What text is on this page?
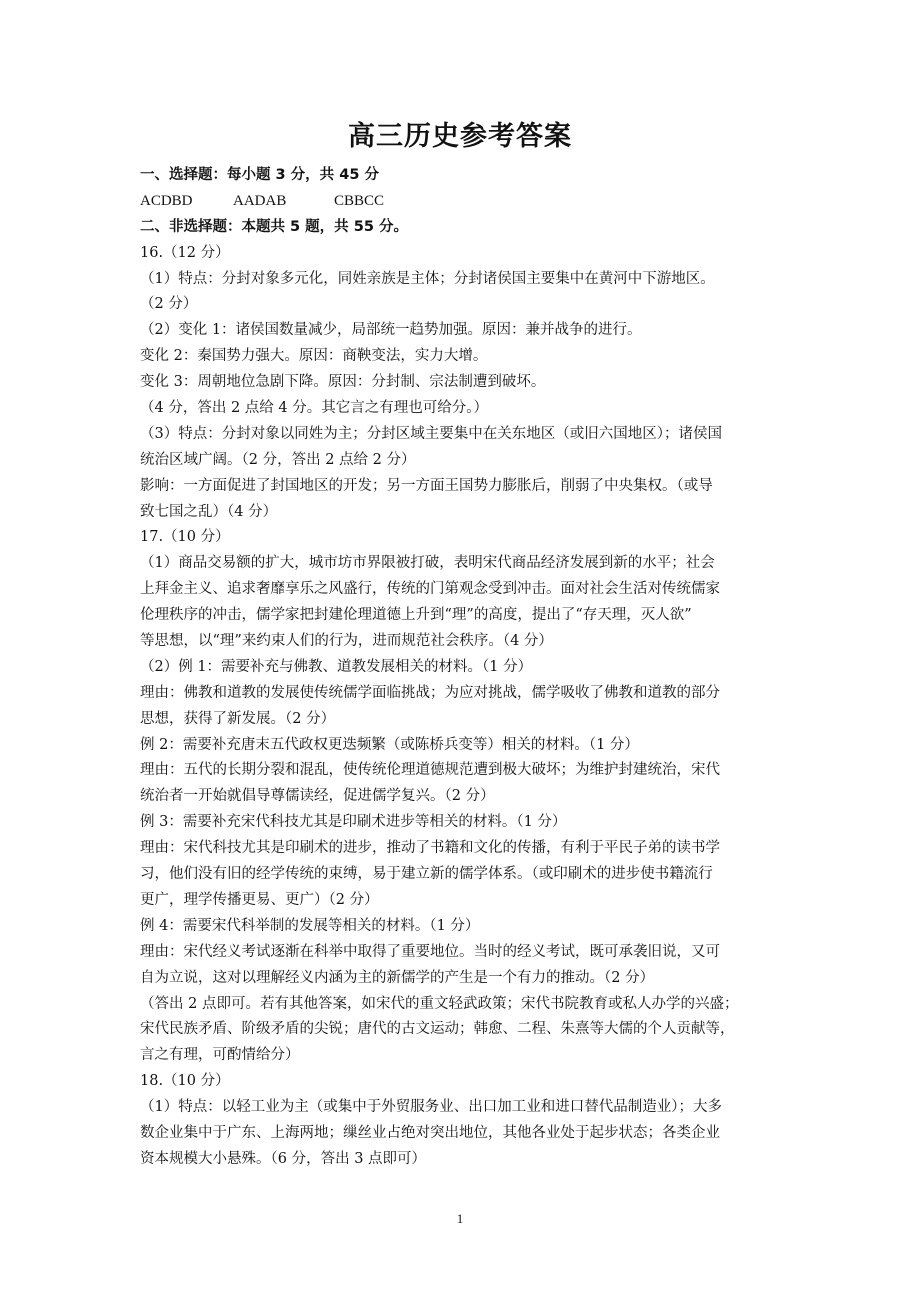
高三历史参考答案
一、选择题：每小题 3 分，共 45 分
ACDBD	AADAB	CBBCC
二、非选择题：本题共 5 题，共 55 分。
16.（12 分）
（1）特点：分封对象多元化，同姓亲族是主体；分封诸侯国主要集中在黄河中下游地区。
（2 分）
（2）变化 1：诸侯国数量减少，局部统一趋势加强。原因：兼并战争的进行。
变化 2：秦国势力强大。原因：商鞅变法，实力大增。
变化 3：周朝地位急剧下降。原因：分封制、宗法制遭到破坏。
（4 分，答出 2 点给 4 分。其它言之有理也可给分。）
（3）特点：分封对象以同姓为主；分封区域主要集中在关东地区（或旧六国地区）；诸侯国
统治区域广阔。（2 分，答出 2 点给 2 分）
影响：一方面促进了封国地区的开发；另一方面王国势力膨胀后，削弱了中央集权。（或导
致七国之乱）（4 分）
17.（10 分）
（1）商品交易额的扩大，城市坊市界限被打破，表明宋代商品经济发展到新的水平；社会
上拜金主义、追求奢靡享乐之风盛行，传统的门第观念受到冲击。面对社会生活对传统儒家
伦理秩序的冲击，儒学家把封建伦理道德上升到“理”的高度，提出了“存天理，灭人欲”
等思想，以“理”来约束人们的行为，进而规范社会秩序。（4 分）
（2）例 1：需要补充与佛教、道教发展相关的材料。（1 分）
理由：佛教和道教的发展使传统儒学面临挑战；为应对挑战，儒学吸收了佛教和道教的部分
思想，获得了新发展。（2 分）
例 2：需要补充唐末五代政权更迭频繁（或陈桥兵变等）相关的材料。（1 分）
理由：五代的长期分裂和混乱，使传统伦理道德规范遭到极大破坏；为维护封建统治，宋代
统治者一开始就倡导尊儒读经，促进儒学复兴。（2 分）
例 3：需要补充宋代科技尤其是印刷术进步等相关的材料。（1 分）
理由：宋代科技尤其是印刷术的进步，推动了书籍和文化的传播，有利于平民子弟的读书学
习，他们没有旧的经学传统的束缚，易于建立新的儒学体系。（或印刷术的进步使书籍流行
更广，理学传播更易、更广）（2 分）
例 4：需要宋代科举制的发展等相关的材料。（1 分）
理由：宋代经义考试逐渐在科举中取得了重要地位。当时的经义考试，既可承袭旧说，又可
自为立说，这对以理解经义内涵为主的新儒学的产生是一个有力的推动。（2 分）
（答出 2 点即可。若有其他答案，如宋代的重文轻武政策；宋代书院教育或私人办学的兴盛；
宋代民族矛盾、阶级矛盾的尖锐；唐代的古文运动；韩愈、二程、朱熹等大儒的个人贡献等，
言之有理，可酌情给分）
18.（10 分）
（1）特点：以轻工业为主（或集中于外贸服务业、出口加工业和进口替代品制造业）；大多
数企业集中于广东、上海两地；缫丝业占绝对突出地位，其他各业处于起步状态；各类企业
资本规模大小悬殊。（6 分，答出 3 点即可）
1
